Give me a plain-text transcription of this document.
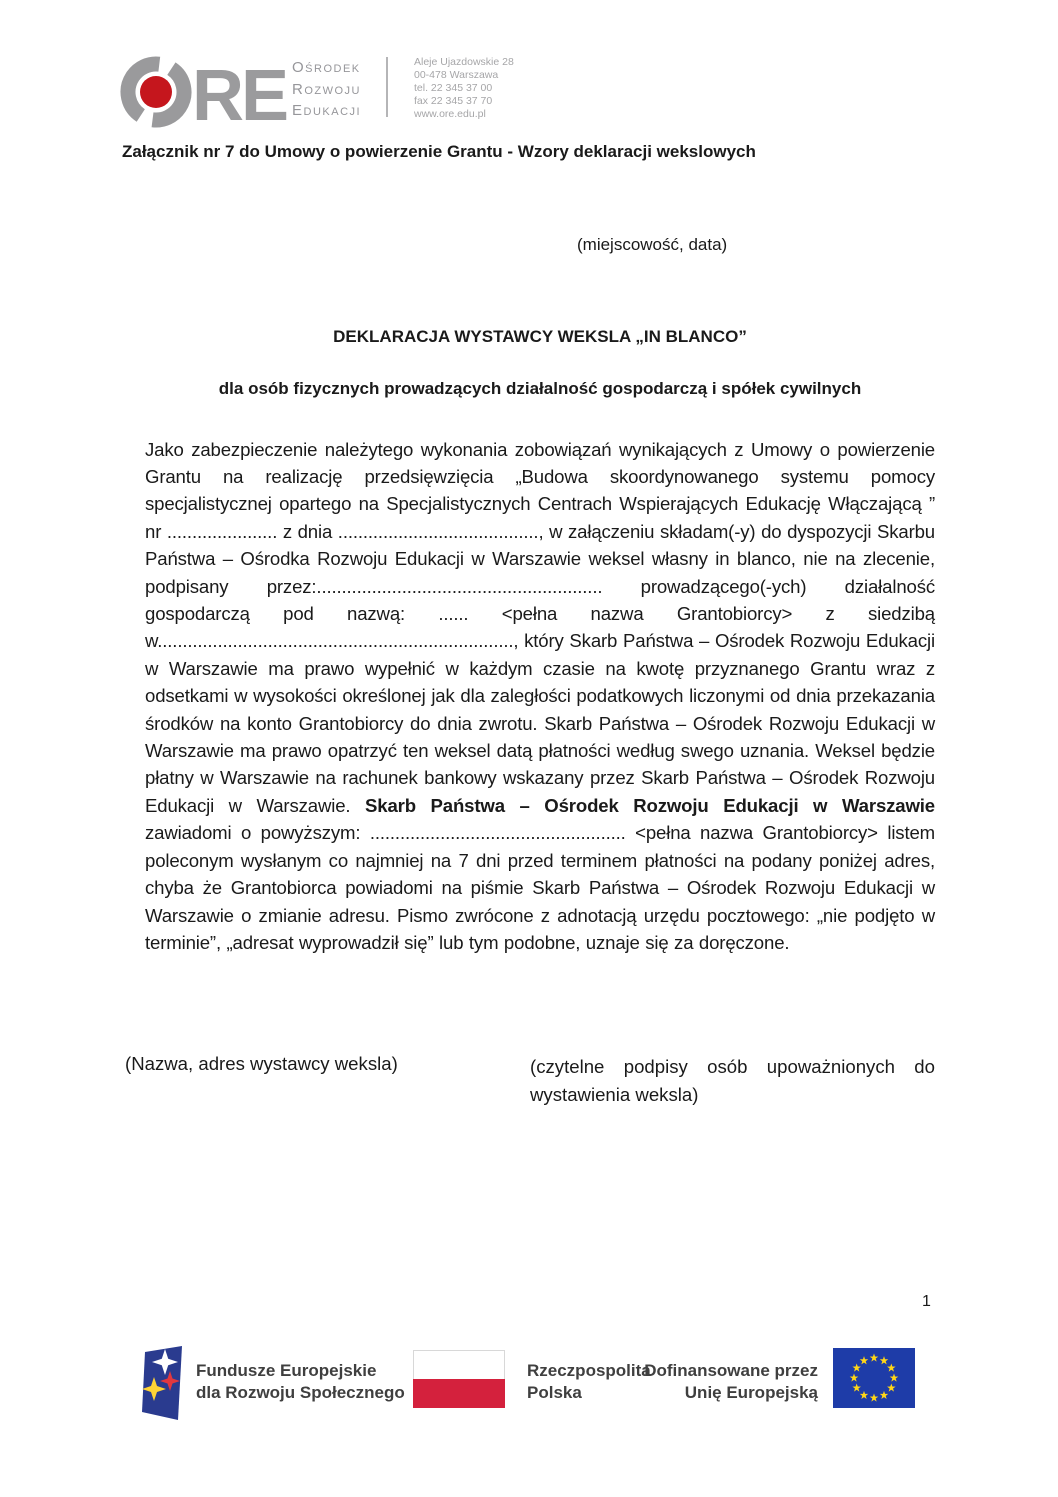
RE Ośrodek
Rozwoju
Edukacji
Aleje Ujazdowskie 28
00-478 Warszawa
tel. 22 345 37 00
fax 22 345 37 70
www.ore.edu.pl
Załącznik nr 7 do Umowy o powierzenie Grantu - Wzory deklaracji wekslowych
(miejscowość, data)
DEKLARACJA WYSTAWCY WEKSLA „IN BLANCO”
dla osób fizycznych prowadzących działalność gospodarczą i spółek cywilnych

Jako zabezpieczenie należytego wykonania zobowiązań wynikających z Umowy o powierzenie Grantu na realizację przedsięwzięcia „Budowa skoordynowanego systemu pomocy specjalistycznej opartego na Specjalistycznych Centrach Wspierających Edukację Włączającą ” nr ...................... z dnia ........................................, w załączeniu składam(-y) do dyspozycji Skarbu Państwa – Ośrodka Rozwoju Edukacji w Warszawie weksel własny in blanco, nie na zlecenie, podpisany przez:......................................................... prowadzącego(-ych) działalność gospodarczą pod nazwą: ...... <pełna nazwa Grantobiorcy> z siedzibą w......................................................................., który Skarb Państwa – Ośrodek Rozwoju Edukacji w Warszawie ma prawo wypełnić w każdym czasie na kwotę przyznanego Grantu wraz z odsetkami w wysokości określonej jak dla zaległości podatkowych liczonymi od dnia przekazania środków na konto Grantobiorcy do dnia zwrotu. Skarb Państwa – Ośrodek Rozwoju Edukacji w Warszawie ma prawo opatrzyć ten weksel datą płatności według swego uznania. Weksel będzie płatny w Warszawie na rachunek bankowy wskazany przez Skarb Państwa – Ośrodek Rozwoju Edukacji w Warszawie. Skarb Państwa – Ośrodek Rozwoju Edukacji w Warszawie zawiadomi o powyższym: ................................................... <pełna nazwa Grantobiorcy> listem poleconym wysłanym co najmniej na 7 dni przed terminem płatności na podany poniżej adres, chyba że Grantobiorca powiadomi na piśmie Skarb Państwa – Ośrodek Rozwoju Edukacji w Warszawie o zmianie adresu. Pismo zwrócone z adnotacją urzędu pocztowego: „nie podjęto w terminie”, „adresat wyprowadził się” lub tym podobne, uznaje się za doręczone.

(Nazwa, adres wystawcy weksla)	(czytelne podpisy osób upoważnionych do wystawienia weksla)
1
Fundusze Europejskie
dla Rozwoju Społecznego
Rzeczpospolita
Polska
Dofinansowane przez
Unię Europejską
